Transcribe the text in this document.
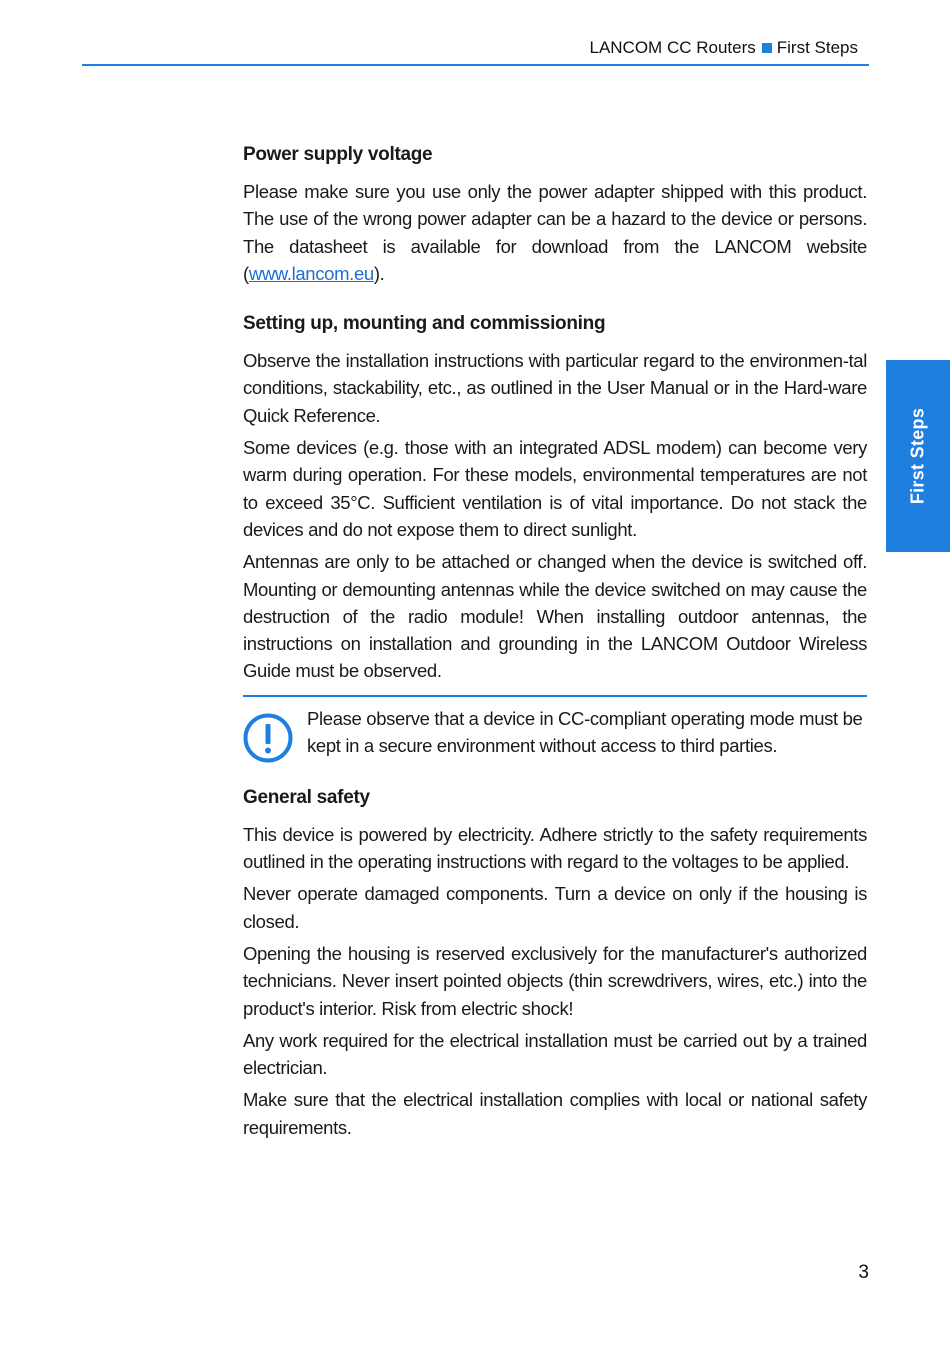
LANCOM CC Routers First Steps
First Steps
Power supply voltage

Please make sure you use only the power adapter shipped with this product. The use of the wrong power adapter can be a hazard to the device or persons. The datasheet is available for download from the LANCOM website (www.lancom.eu).

Setting up, mounting and commissioning

Observe the installation instructions with particular regard to the environmen-tal conditions, stackability, etc., as outlined in the User Manual or in the Hard-ware Quick Reference.

Some devices (e.g. those with an integrated ADSL modem) can become very warm during operation. For these models, environmental temperatures are not to exceed 35°C. Sufficient ventilation is of vital importance. Do not stack the devices and do not expose them to direct sunlight.

Antennas are only to be attached or changed when the device is switched off. Mounting or demounting antennas while the device switched on may cause the destruction of the radio module! When installing outdoor antennas, the instructions on installation and grounding in the LANCOM Outdoor Wireless Guide must be observed.

Please observe that a device in CC-compliant operating mode must be kept in a secure environment without access to third parties.

General safety

This device is powered by electricity. Adhere strictly to the safety requirements outlined in the operating instructions with regard to the voltages to be applied.

Never operate damaged components. Turn a device on only if the housing is closed.

Opening the housing is reserved exclusively for the manufacturer's authorized technicians. Never insert pointed objects (thin screwdrivers, wires, etc.) into the product's interior. Risk from electric shock!

Any work required for the electrical installation must be carried out by a trained electrician.

Make sure that the electrical installation complies with local or national safety requirements.

3
